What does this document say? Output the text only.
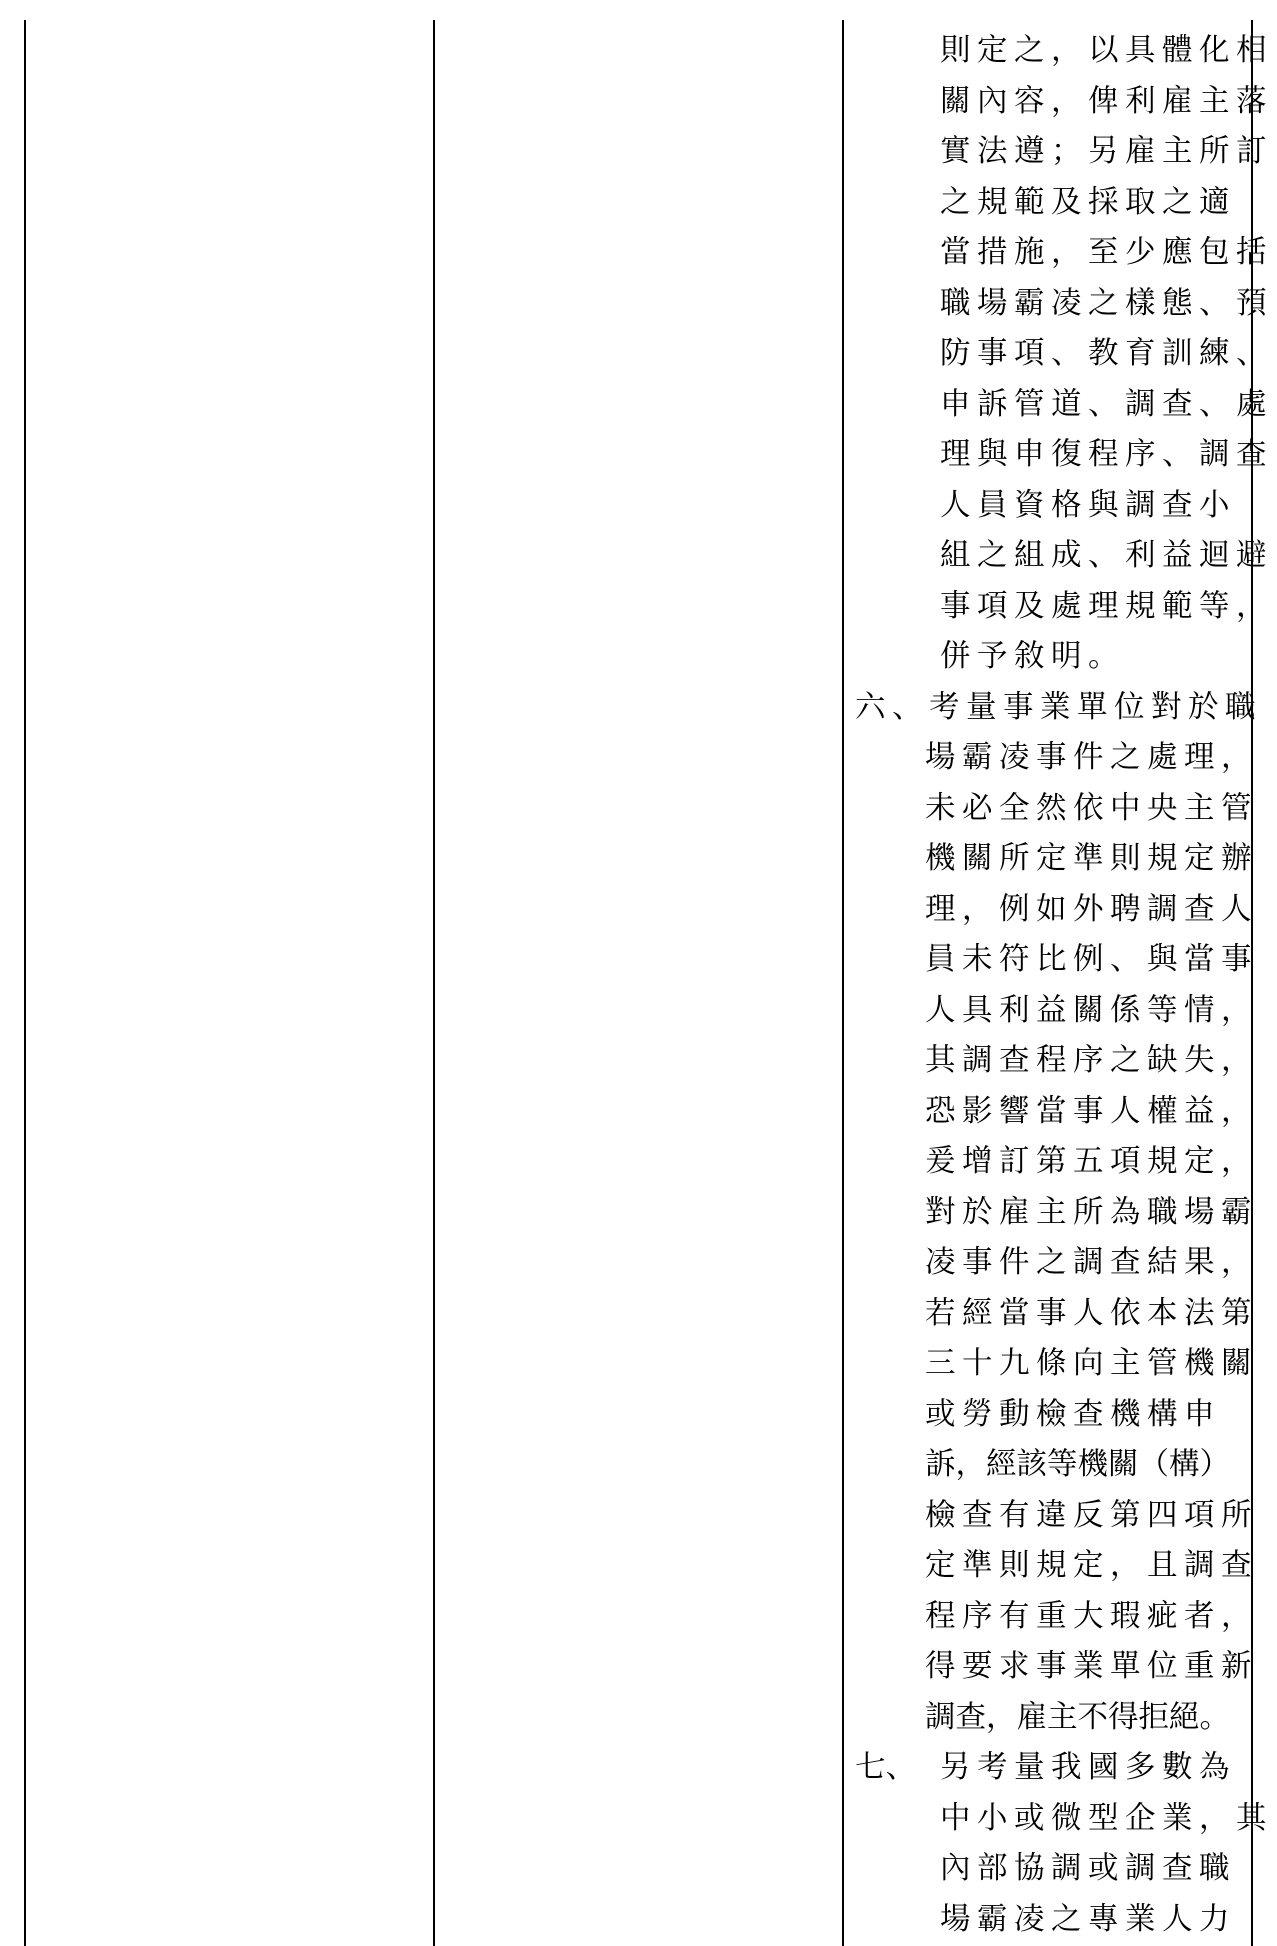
則定之，以具體化相
關內容，俾利雇主落
實法遵；另雇主所訂
之規範及採取之適
當措施，至少應包括
職場霸凌之樣態、預
防事項、教育訓練、
申訴管道、調查、處
理與申復程序、調查
人員資格與調查小
組之組成、利益迴避
事項及處理規範等，
併予敘明。
六、考量事業單位對於職
場霸凌事件之處理，
未必全然依中央主管
機關所定準則規定辦
理，例如外聘調查人
員未符比例、與當事
人具利益關係等情，
其調查程序之缺失，
恐影響當事人權益，
爰增訂第五項規定，
對於雇主所為職場霸
凌事件之調查結果，
若經當事人依本法第
三十九條向主管機關
或勞動檢查機構申
訴，經該等機關（構）
檢查有違反第四項所
定準則規定，且調查
程序有重大瑕疵者，
得要求事業單位重新
調查，雇主不得拒絕。
七、 另考量我國多數為
中小或微型企業，其
內部協調或調查職
場霸凌之專業人力
